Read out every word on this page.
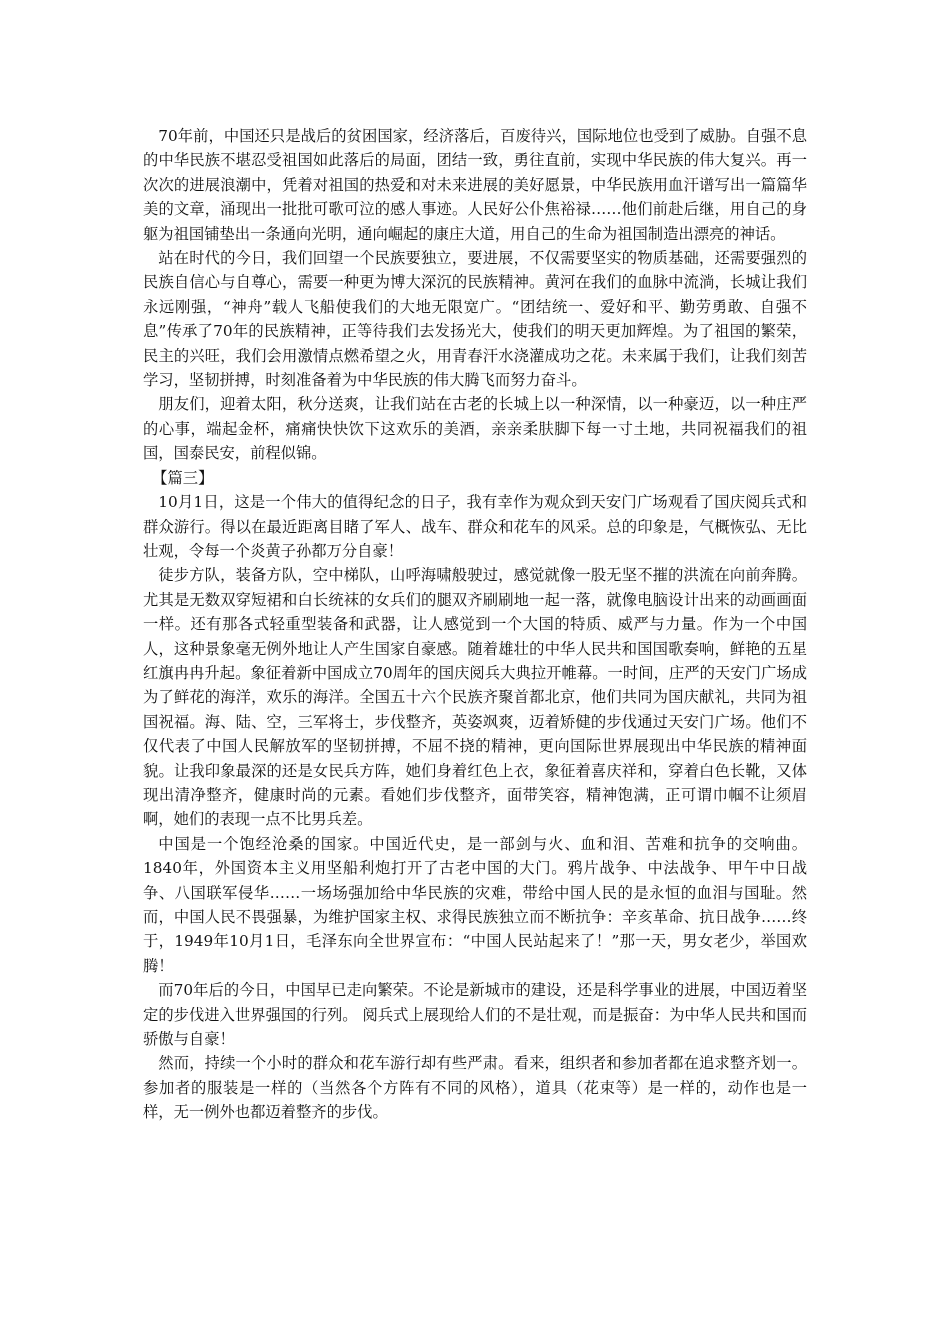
70年前，中国还只是战后的贫困国家，经济落后，百废待兴，国际地位也受到了威胁。自强不息的中华民族不堪忍受祖国如此落后的局面，团结一致，勇往直前，实现中华民族的伟大复兴。再一次次的进展浪潮中，凭着对祖国的热爱和对未来进展的美好愿景，中华民族用血汗谱写出一篇篇华美的文章，涌现出一批批可歌可泣的感人事迹。人民好公仆焦裕禄……他们前赴后继，用自己的身躯为祖国铺垫出一条通向光明，通向崛起的康庄大道，用自己的生命为祖国制造出漂亮的神话。

站在时代的今日，我们回望一个民族要独立，要进展，不仅需要坚实的物质基础，还需要强烈的民族自信心与自尊心，需要一种更为博大深沉的民族精神。黄河在我们的血脉中流淌，长城让我们永远刚强，“神舟”载人飞船使我们的大地无限宽广。“团结统一、爱好和平、勤劳勇敢、自强不息”传承了70年的民族精神，正等待我们去发扬光大，使我们的明天更加辉煌。为了祖国的繁荣，民主的兴旺，我们会用激情点燃希望之火，用青春汗水浇灌成功之花。未来属于我们，让我们刻苦学习，坚韧拼搏，时刻准备着为中华民族的伟大腾飞而努力奋斗。

朋友们，迎着太阳，秋分送爽，让我们站在古老的长城上以一种深情，以一种豪迈，以一种庄严的心事，端起金杯，痛痛快快饮下这欢乐的美酒，亲亲柔肤脚下每一寸土地，共同祝福我们的祖国，国泰民安，前程似锦。

【篇三】

10月1日，这是一个伟大的值得纪念的日子，我有幸作为观众到天安门广场观看了国庆阅兵式和群众游行。得以在最近距离目睹了军人、战车、群众和花车的风采。总的印象是，气概恢弘、无比壮观，令每一个炎黄子孙都万分自豪！

徒步方队，装备方队，空中梯队，山呼海啸般驶过，感觉就像一股无坚不摧的洪流在向前奔腾。尤其是无数双穿短裙和白长统袜的女兵们的腿双齐刷刷地一起一落，就像电脑设计出来的动画画面一样。还有那各式轻重型装备和武器，让人感觉到一个大国的特质、威严与力量。作为一个中国人，这种景象毫无例外地让人产生国家自豪感。随着雄壮的中华人民共和国国歌奏响，鲜艳的五星红旗冉冉升起。象征着新中国成立70周年的国庆阅兵大典拉开帷幕。一时间，庄严的天安门广场成为了鲜花的海洋，欢乐的海洋。全国五十六个民族齐聚首都北京，他们共同为国庆献礼，共同为祖国祝福。海、陆、空，三军将士，步伐整齐，英姿飒爽，迈着矫健的步伐通过天安门广场。他们不仅代表了中国人民解放军的坚韧拼搏，不屈不挠的精神，更向国际世界展现出中华民族的精神面貌。让我印象最深的还是女民兵方阵，她们身着红色上衣，象征着喜庆祥和，穿着白色长靴，又体现出清净整齐，健康时尚的元素。看她们步伐整齐，面带笑容，精神饱满，正可谓巾帼不让须眉啊，她们的表现一点不比男兵差。

中国是一个饱经沧桑的国家。中国近代史，是一部剑与火、血和泪、苦难和抗争的交响曲。1840年，外国资本主义用坚船利炮打开了古老中国的大门。鸦片战争、中法战争、甲午中日战争、八国联军侵华……一场场强加给中华民族的灾难，带给中国人民的是永恒的血泪与国耻。然而，中国人民不畏强暴，为维护国家主权、求得民族独立而不断抗争：辛亥革命、抗日战争……终于，1949年10月1日，毛泽东向全世界宣布：“中国人民站起来了！”那一天，男女老少，举国欢腾！

而70年后的今日，中国早已走向繁荣。不论是新城市的建设，还是科学事业的进展，中国迈着坚定的步伐进入世界强国的行列。 阅兵式上展现给人们的不是壮观，而是振奋：为中华人民共和国而骄傲与自豪！

然而，持续一个小时的群众和花车游行却有些严肃。看来，组织者和参加者都在追求整齐划一。参加者的服装是一样的（当然各个方阵有不同的风格），道具（花束等）是一样的，动作也是一样，无一例外也都迈着整齐的步伐。
